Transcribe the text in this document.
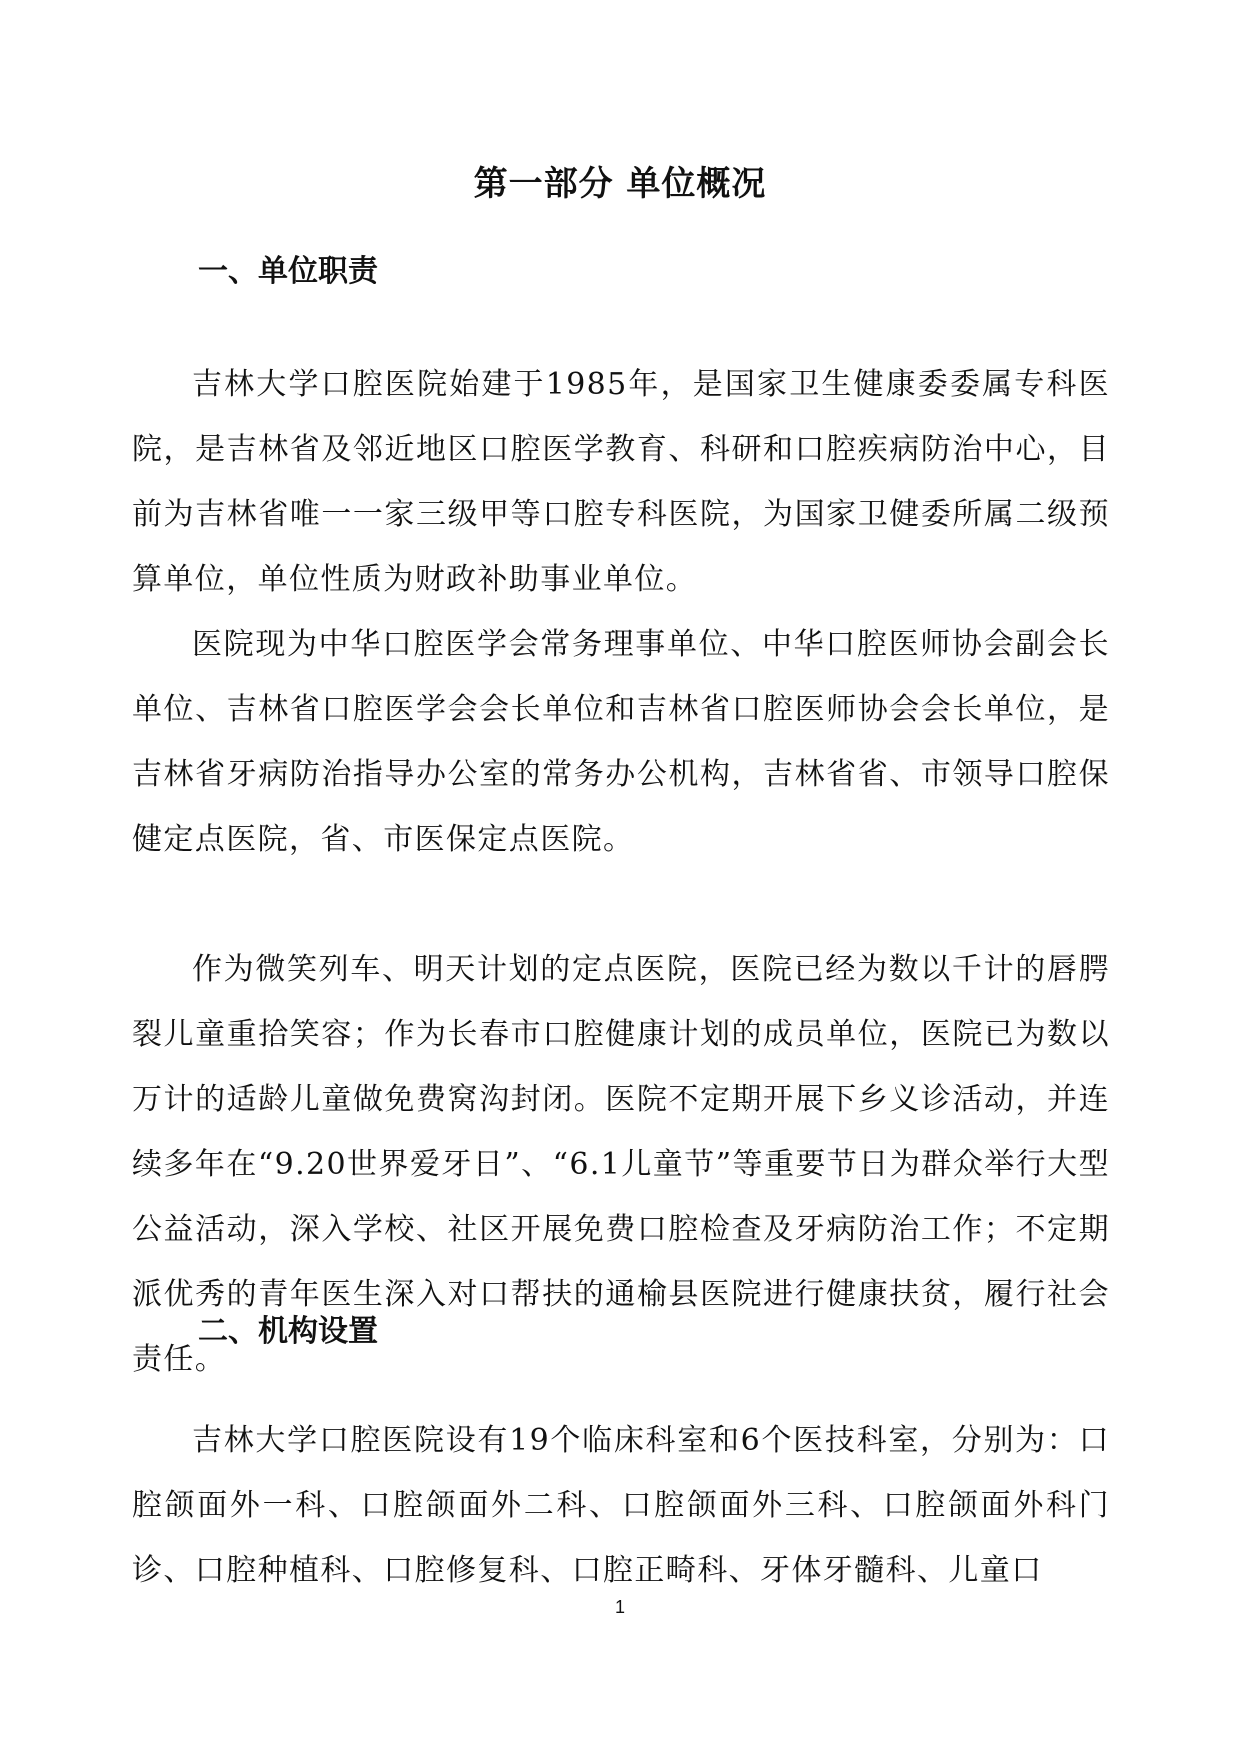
第一部分 单位概况
一、单位职责

吉林大学口腔医院始建于1985年，是国家卫生健康委委属专科医院，是吉林省及邻近地区口腔医学教育、科研和口腔疾病防治中心，目前为吉林省唯一一家三级甲等口腔专科医院，为国家卫健委所属二级预算单位，单位性质为财政补助事业单位。

医院现为中华口腔医学会常务理事单位、中华口腔医师协会副会长单位、吉林省口腔医学会会长单位和吉林省口腔医师协会会长单位，是吉林省牙病防治指导办公室的常务办公机构，吉林省省、市领导口腔保健定点医院，省、市医保定点医院。

作为微笑列车、明天计划的定点医院，医院已经为数以千计的唇腭裂儿童重拾笑容；作为长春市口腔健康计划的成员单位，医院已为数以万计的适龄儿童做免费窝沟封闭。医院不定期开展下乡义诊活动，并连续多年在“9.20世界爱牙日”、“6.1儿童节”等重要节日为群众举行大型公益活动，深入学校、社区开展免费口腔检查及牙病防治工作；不定期派优秀的青年医生深入对口帮扶的通榆县医院进行健康扶贫，履行社会责任。

二、机构设置

吉林大学口腔医院设有19个临床科室和6个医技科室，分别为：口腔颌面外一科、口腔颌面外二科、口腔颌面外三科、口腔颌面外科门诊、口腔种植科、口腔修复科、口腔正畸科、牙体牙髓科、儿童口

1
